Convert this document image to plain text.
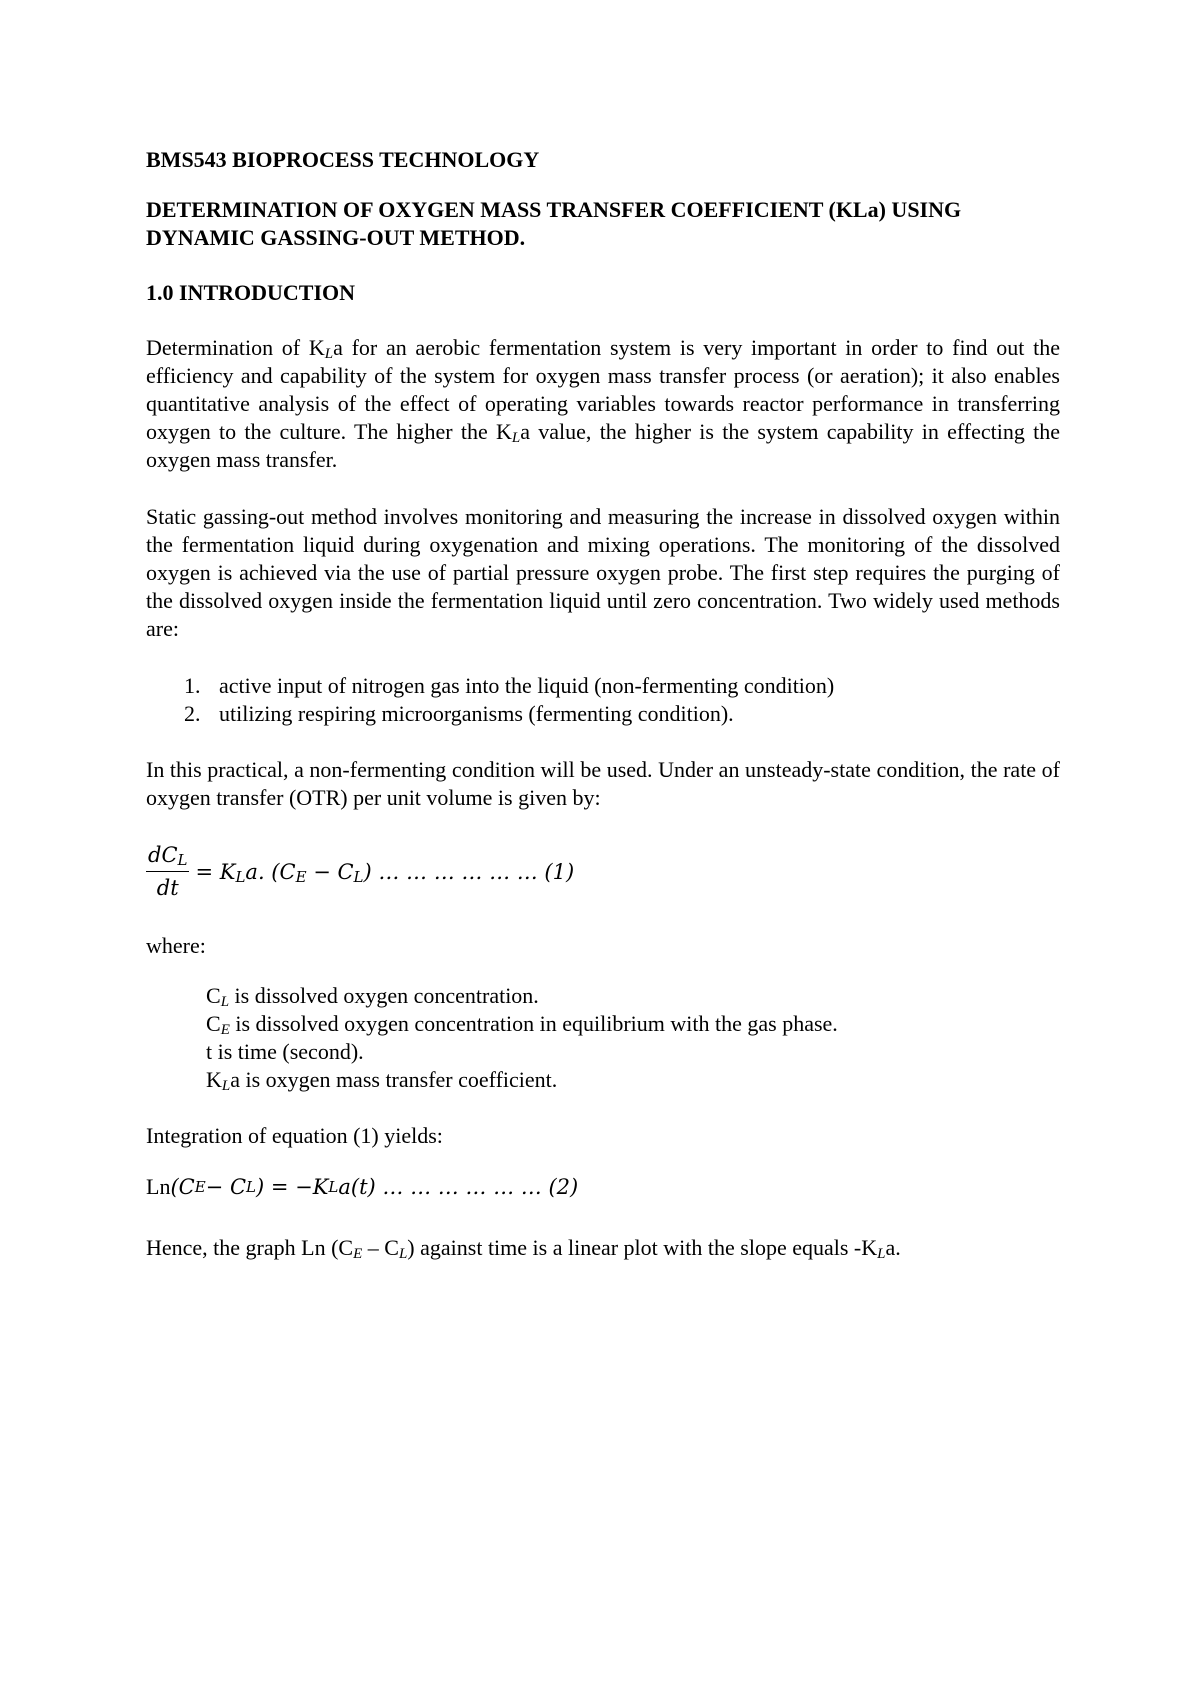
BMS543 BIOPROCESS TECHNOLOGY

DETERMINATION OF OXYGEN MASS TRANSFER COEFFICIENT (KLa) USING DYNAMIC GASSING-OUT METHOD.

1.0 INTRODUCTION

Determination of $K_La$ for an aerobic fermentation system is very important in order to find out the efficiency and capability of the system for oxygen mass transfer process (or aeration); it also enables quantitative analysis of the effect of operating variables towards reactor performance in transferring oxygen to the culture. The higher the $K_La$ value, the higher is the system capability in effecting the oxygen mass transfer.

Static gassing-out method involves monitoring and measuring the increase in dissolved oxygen within the fermentation liquid during oxygenation and mixing operations. The monitoring of the dissolved oxygen is achieved via the use of partial pressure oxygen probe. The first step requires the purging of the dissolved oxygen inside the fermentation liquid until zero concentration. Two widely used methods are:

1. active input of nitrogen gas into the liquid (non-fermenting condition)
2. utilizing respiring microorganisms (fermenting condition).

In this practical, a non-fermenting condition will be used. Under an unsteady-state condition, the rate of oxygen transfer (OTR) per unit volume is given by:

$\frac{dC_L}{dt} = K_La$. $(C_E - C_L)$ … … … … … … (1)

where:

$C_L$ is dissolved oxygen concentration.

$C_E$ is dissolved oxygen concentration in equilibrium with the gas phase.

t is time (second).

$K_La$ is oxygen mass transfer coefficient.

Integration of equation (1) yields:

Ln (C E − C L ) = −K L a(t) … … … … … … (2)

Hence, the graph Ln $(C_E - C_L)$ against time is a linear plot with the slope equals $-K_La$.
